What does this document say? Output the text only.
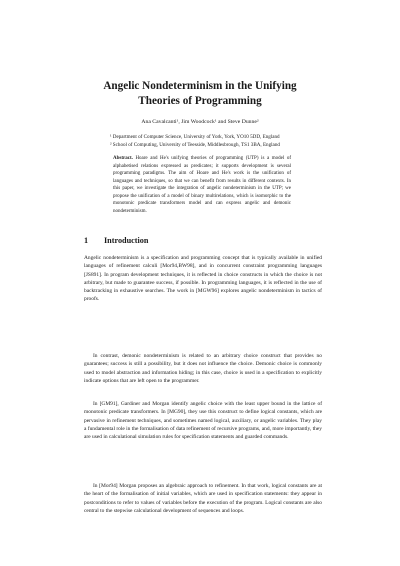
Angelic Nondeterminism in the Unifying
Theories of Programming
Ana Cavalcanti¹, Jim Woodcock¹ and Steve Dunne²
¹ Department of Computer Science, University of York, York, YO10 5DD, England
² School of Computing, University of Teesside, Middlesbrough, TS1 3BA, England
Abstract. Hoare and He's unifying theories of programming (UTP) is a model of alphabetised relations expressed as predicates; it supports development is several programming paradigms. The aim of Hoare and He's work is the unification of languages and techniques, so that we can benefit from results in different contexts. In this paper, we investigate the integration of angelic nondeterminism in the UTP; we propose the unification of a model of binary multirelations, which is isomorphic to the monotonic predicate transformers model and can express angelic and demonic nondeterminism.
1 Introduction
Angelic nondeterminism is a specification and programming concept that is typically available in unified languages of refinement calculi [Mor94,BW98], and in concurrent constraint programming languages [JS891]. In program development techniques, it is reflected in choice constructs in which the choice is not arbitrary, but made to guarantee success, if possible. In programming languages, it is reflected in the use of backtracking in exhaustive searches. The work in [MGW96] explores angelic nondeterminism in tactics of proofs.
In contrast, demonic nondeterminism is related to an arbitrary choice construct that provides no guarantees; success is still a possibility, but it does not influence the choice. Demonic choice is commonly used to model abstraction and information hiding; in this case, choice is used in a specification to explicitly indicate options that are left open to the programmer.
In [GM91], Gardiner and Morgan identify angelic choice with the least upper bound in the lattice of monotonic predicate transformers. In [MG90], they use this construct to define logical constants, which are pervasive in refinement techniques, and sometimes named logical, auxiliary, or angelic variables. They play a fundamental role in the formalisation of data refinement of recursive programs, and, more importantly, they are used in calculational simulation rules for specification statements and guarded commands.
In [Mor94] Morgan proposes an algebraic approach to refinement. In that work, logical constants are at the heart of the formalisation of initial variables, which are used in specification statements: they appear in postconditions to refer to values of variables before the execution of the program. Logical constants are also central to the stepwise calculational development of sequences and loops.
